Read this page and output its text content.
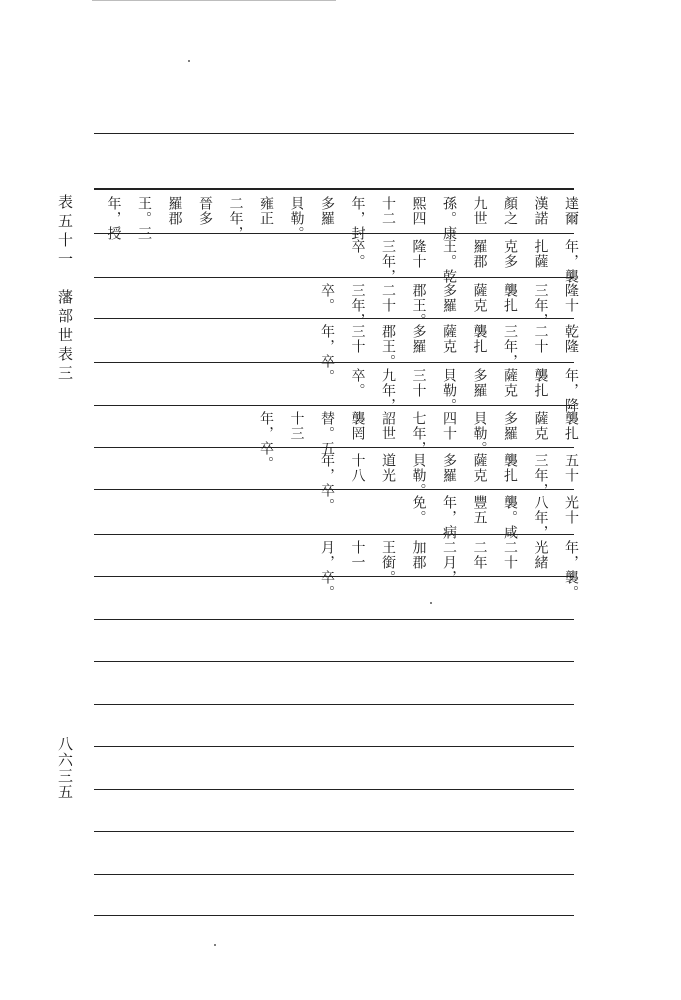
表五十一　藩部世表三
八六三五
達爾
漢諾
顏之
九世
孫。康
熙四
十二
年，封
多羅
貝勒。
雍正
二年，
晉多
羅郡
王。三
年，授
年，襲
扎薩
克多
羅郡
王。乾
隆十
三年，
卒。
隆十
三年，
襲扎
薩克
多羅
郡王。
二十
三年，
卒。
乾隆
二十
三年，
襲扎
薩克
多羅
郡王。
三十
年，卒。
年，降
襲扎
薩克
多羅
貝勒。
三十
九年，
卒。
襲扎
薩克
多羅
貝勒。
四十
七年，
詔世
襲罔
替。五
十三
年，卒。	五十
三年，
襲扎
薩克
多羅
貝勒。
道光
十八
年，卒。	光十
八年，
襲。咸
豐五
年，病
免。
年，襲。
光緒
二十
二年
二月，
加郡
王銜。
十一
月，卒。
